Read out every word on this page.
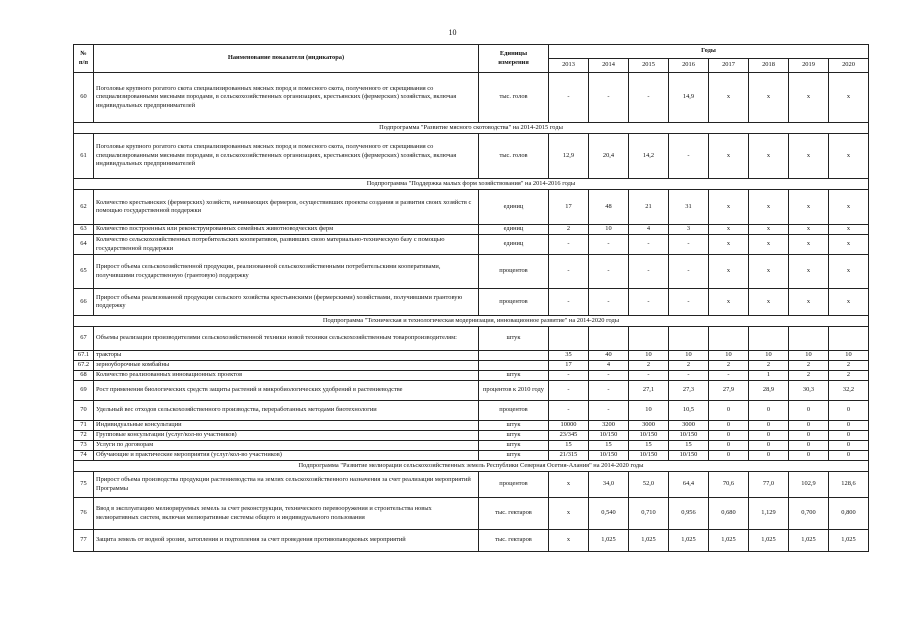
10
№
п/п	Наименование показателя (индикатора)	Единицы
измерения	Годы							
			2013	2014	2015	2016	2017	2018	2019	2020
60	Поголовье крупного рогатого скота специализированных мясных пород и помесного скота, полученного от скрещивания со специализированными мясными породами, в сельскохозяйственных организациях, крестьянских (фермерских) хозяйствах, включая индивидуальных предпринимателей	тыс. голов	-	-	-	14,9	х	х	х	х
Подпрограмма "Развитие мясного скотоводства" на 2014-2015 годы										
61	Поголовье крупного рогатого скота специализированных мясных пород и помесного скота, полученного от скрещивания со специализированными мясными породами, в сельскохозяйственных организациях, крестьянских (фермерских) хозяйствах, включая индивидуальных предпринимателей	тыс. голов	12,9	20,4	14,2	-	х	х	х	х
Подпрограмма "Поддержка малых форм хозяйствования" на 2014-2016 годы										
62	Количество крестьянских (фермерских) хозяйств, начинающих фермеров, осуществивших проекты создания и развития своих хозяйств с помощью государственной поддержки	единиц	17	48	21	31	х	х	х	х
63	Количество построенных или реконструированных семейных животноводческих ферм	единиц	2	10	4	3	х	х	х	х
64	Количество сельскохозяйственных потребительских кооперативов, развивших свою материально-техническую базу с помощью государственной поддержки	единиц	-	-	-	-	х	х	х	х
65	Прирост объема сельскохозяйственной продукции, реализованной сельскохозяйственными потребительскими кооперативами, получившими государственную (грантовую) поддержку	процентов	-	-	-	-	х	х	х	х
66	Прирост объема реализованной продукции сельского хозяйства крестьянскими (фермерскими) хозяйствами, получившими грантовую поддержку	процентов	-	-	-	-	х	х	х	х
Подпрограмма "Техническая и технологическая модернизация, инновационное развитие" на 2014-2020 годы										
67	Объемы реализации производителями сельскохозяйственной техники новой техники сельскохозяйственным товаропроизводителям:	штук								
67.1	тракторы		35	40	10	10	10	10	10	10
67.2	зерноуборочные комбайны		17	4	2	2	2	2	2	2
68	Количество реализованных инновационных проектов	штук	-	-	-	-	-	1	2	2
69	Рост применения биологических средств защиты растений и микробиологических удобрений в растениеводстве	процентов к 2010 году	-	-	27,1	27,3	27,9	28,9	30,3	32,2
70	Удельный вес отходов сельскохозяйственного производства, переработанных методами биотехнологии	процентов	-	-	10	10,5	0	0	0	0
71	Индивидуальные консультации	штук	10000	3200	3000	3000	0	0	0	0
72	Групповые консультации (услуг/кол-во участников)	штук	23/345	10/150	10/150	10/150	0	0	0	0
73	Услуги по договорам	штук	15	15	15	15	0	0	0	0
74	Обучающие и практические мероприятия (услуг/кол-во участников)	штук	21/315	10/150	10/150	10/150	0	0	0	0
Подпрограмма "Развитие мелиорации сельскохозяйственных земель Республики Северная Осетия-Алания" на 2014-2020 годы										
75	Прирост объема производства продукции растениеводства на землях сельскохозяйственного назначения за счет реализации мероприятий Программы	процентов	х	34,0	52,0	64,4	70,6	77,0	102,9	128,6
76	Ввод в эксплуатацию мелиорируемых земель за счет реконструкции, технического перевооружения и строительства новых мелиоративных систем, включая мелиоративные системы общего и индивидуального пользования	тыс. гектаров	х	0,540	0,710	0,956	0,680	1,129	0,700	0,800
77	Защита земель от водной эрозии, затопления и подтопления за счет проведения противопаводковых мероприятий	тыс. гектаров	х	1,025	1,025	1,025	1,025	1,025	1,025	1,025
